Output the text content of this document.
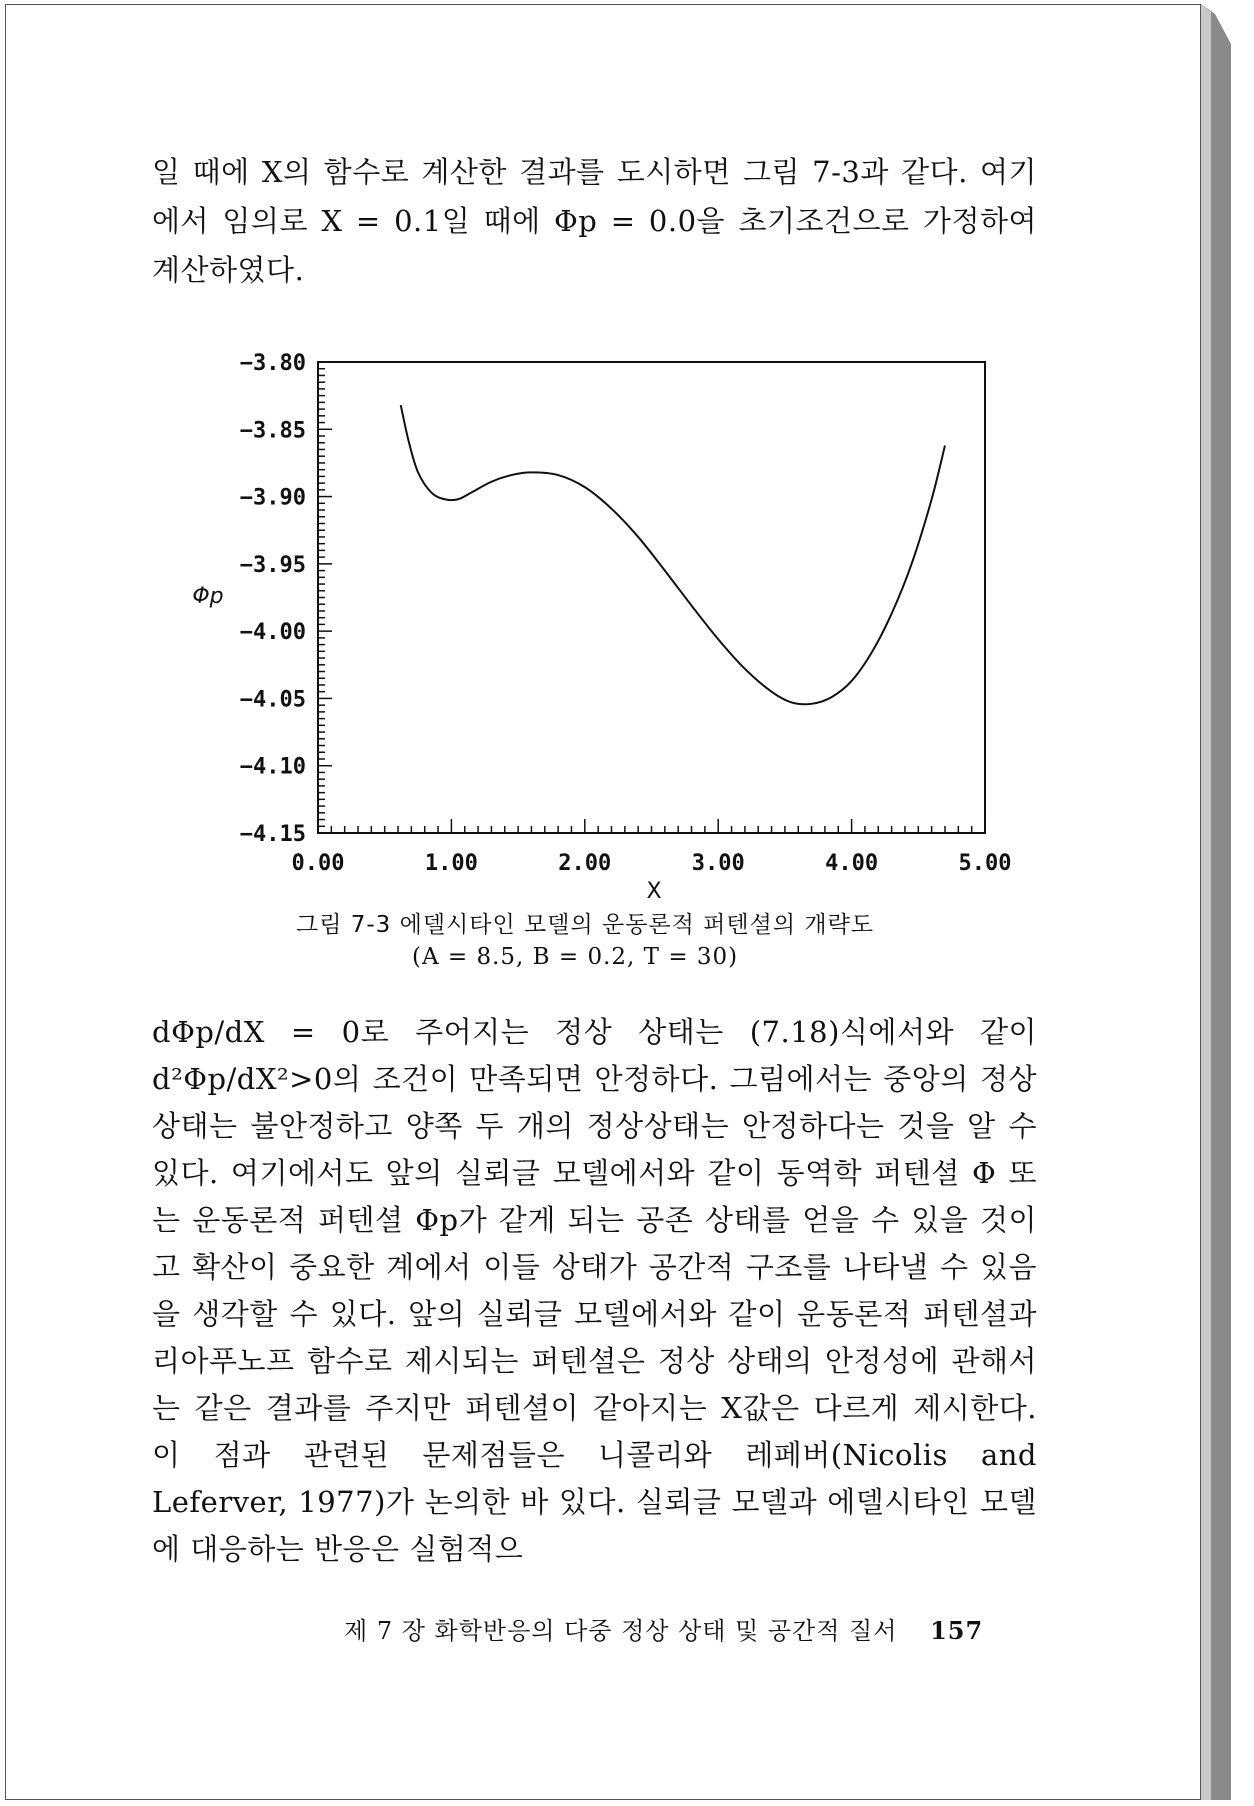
일 때에 X의 함수로 계산한 결과를 도시하면 그림 7-3과 같다. 여기에서 임의로 X = 0.1일 때에 Φp = 0.0을 초기조건으로 가정하여 계산하였다.

−3.80
−3.85
−3.90
−3.95
−4.00
−4.05
−4.10
−4.15
0.00	1.00	2.00	3.00	4.00	5.00
X
Φp
그림 7-3 에델시타인 모델의 운동론적 퍼텐셜의 개략도
(A = 8.5, B = 0.2, T = 30)

dΦp/dX = 0로 주어지는 정상 상태는 (7.18)식에서와 같이 d²Φp/dX²>0의 조건이 만족되면 안정하다. 그림에서는 중앙의 정상 상태는 불안정하고 양쪽 두 개의 정상상태는 안정하다는 것을 알 수 있다. 여기에서도 앞의 실뢰글 모델에서와 같이 동역학 퍼텐셜 Φ 또는 운동론적 퍼텐셜 Φp가 같게 되는 공존 상태를 얻을 수 있을 것이고 확산이 중요한 계에서 이들 상태가 공간적 구조를 나타낼 수 있음을 생각할 수 있다. 앞의 실뢰글 모델에서와 같이 운동론적 퍼텐셜과 리아푸노프 함수로 제시되는 퍼텐셜은 정상 상태의 안정성에 관해서는 같은 결과를 주지만 퍼텐셜이 같아지는 X값은 다르게 제시한다. 이 점과 관련된 문제점들은 니콜리와 레페버(Nicolis and Leferver, 1977)가 논의한 바 있다. 실뢰글 모델과 에델시타인 모델에 대응하는 반응은 실험적으

제 7 장 화학반응의 다중 정상 상태 및 공간적 질서 157
